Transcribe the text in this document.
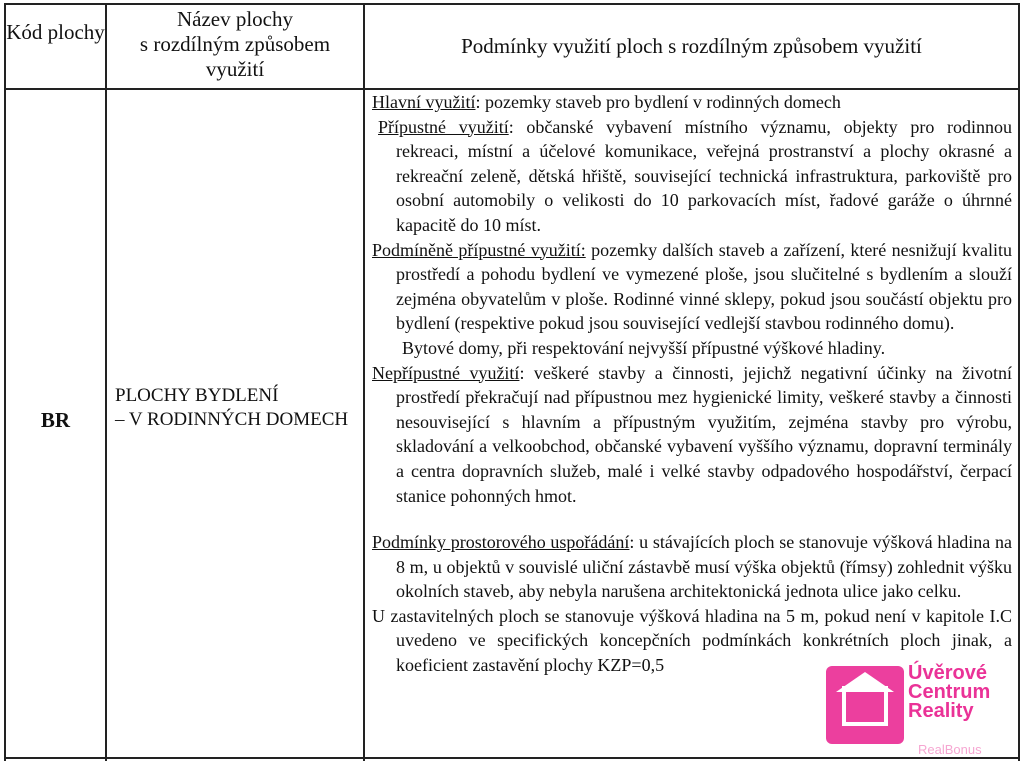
Kód plochy
Název plochy
s rozdílným způsobem
využití
Podmínky využití ploch s rozdílným způsobem využití
BR
PLOCHY BYDLENÍ
– V RODINNÝCH DOMECH

Hlavní využití: pozemky staveb pro bydlení v rodinných domech

Přípustné využití: občanské vybavení místního významu, objekty pro rodinnou rekreaci, místní a účelové komunikace, veřejná prostranství a plochy okrasné a rekreační zeleně, dětská hřiště, související technická infrastruktura, parkoviště pro osobní automobily o velikosti do 10 parkovacích míst, řadové garáže o úhrnné kapacitě do 10 míst.

Podmíněně přípustné využití: pozemky dalších staveb a zařízení, které nesnižují kvalitu prostředí a pohodu bydlení ve vymezené ploše, jsou slučitelné s bydlením a slouží zejména obyvatelům v ploše. Rodinné vinné sklepy, pokud jsou součástí objektu pro bydlení (respektive pokud jsou související vedlejší stavbou rodinného domu).

Bytové domy, při respektování nejvyšší přípustné výškové hladiny.

Nepřípustné využití: veškeré stavby a činnosti, jejichž negativní účinky na životní prostředí překračují nad přípustnou mez hygienické limity, veškeré stavby a činnosti nesouvisející s hlavním a přípustným využitím, zejména stavby pro výrobu, skladování a velkoobchod, občanské vybavení vyššího významu, dopravní terminály a centra dopravních služeb, malé i velké stavby odpadového hospodářství, čerpací stanice pohonných hmot.

Podmínky prostorového uspořádání: u stávajících ploch se stanovuje výšková hladina na 8 m, u objektů v souvislé uliční zástavbě musí výška objektů (římsy) zohlednit výšku okolních staveb, aby nebyla narušena architektonická jednota ulice jako celku.

U zastavitelných ploch se stanovuje výšková hladina na 5 m, pokud není v kapitole I.C uvedeno ve specifických koncepčních podmínkách konkrétních ploch jinak, a koeficient zastavění plochy KZP=0,5	Úvěrové
Centrum
Reality
RealBonus
